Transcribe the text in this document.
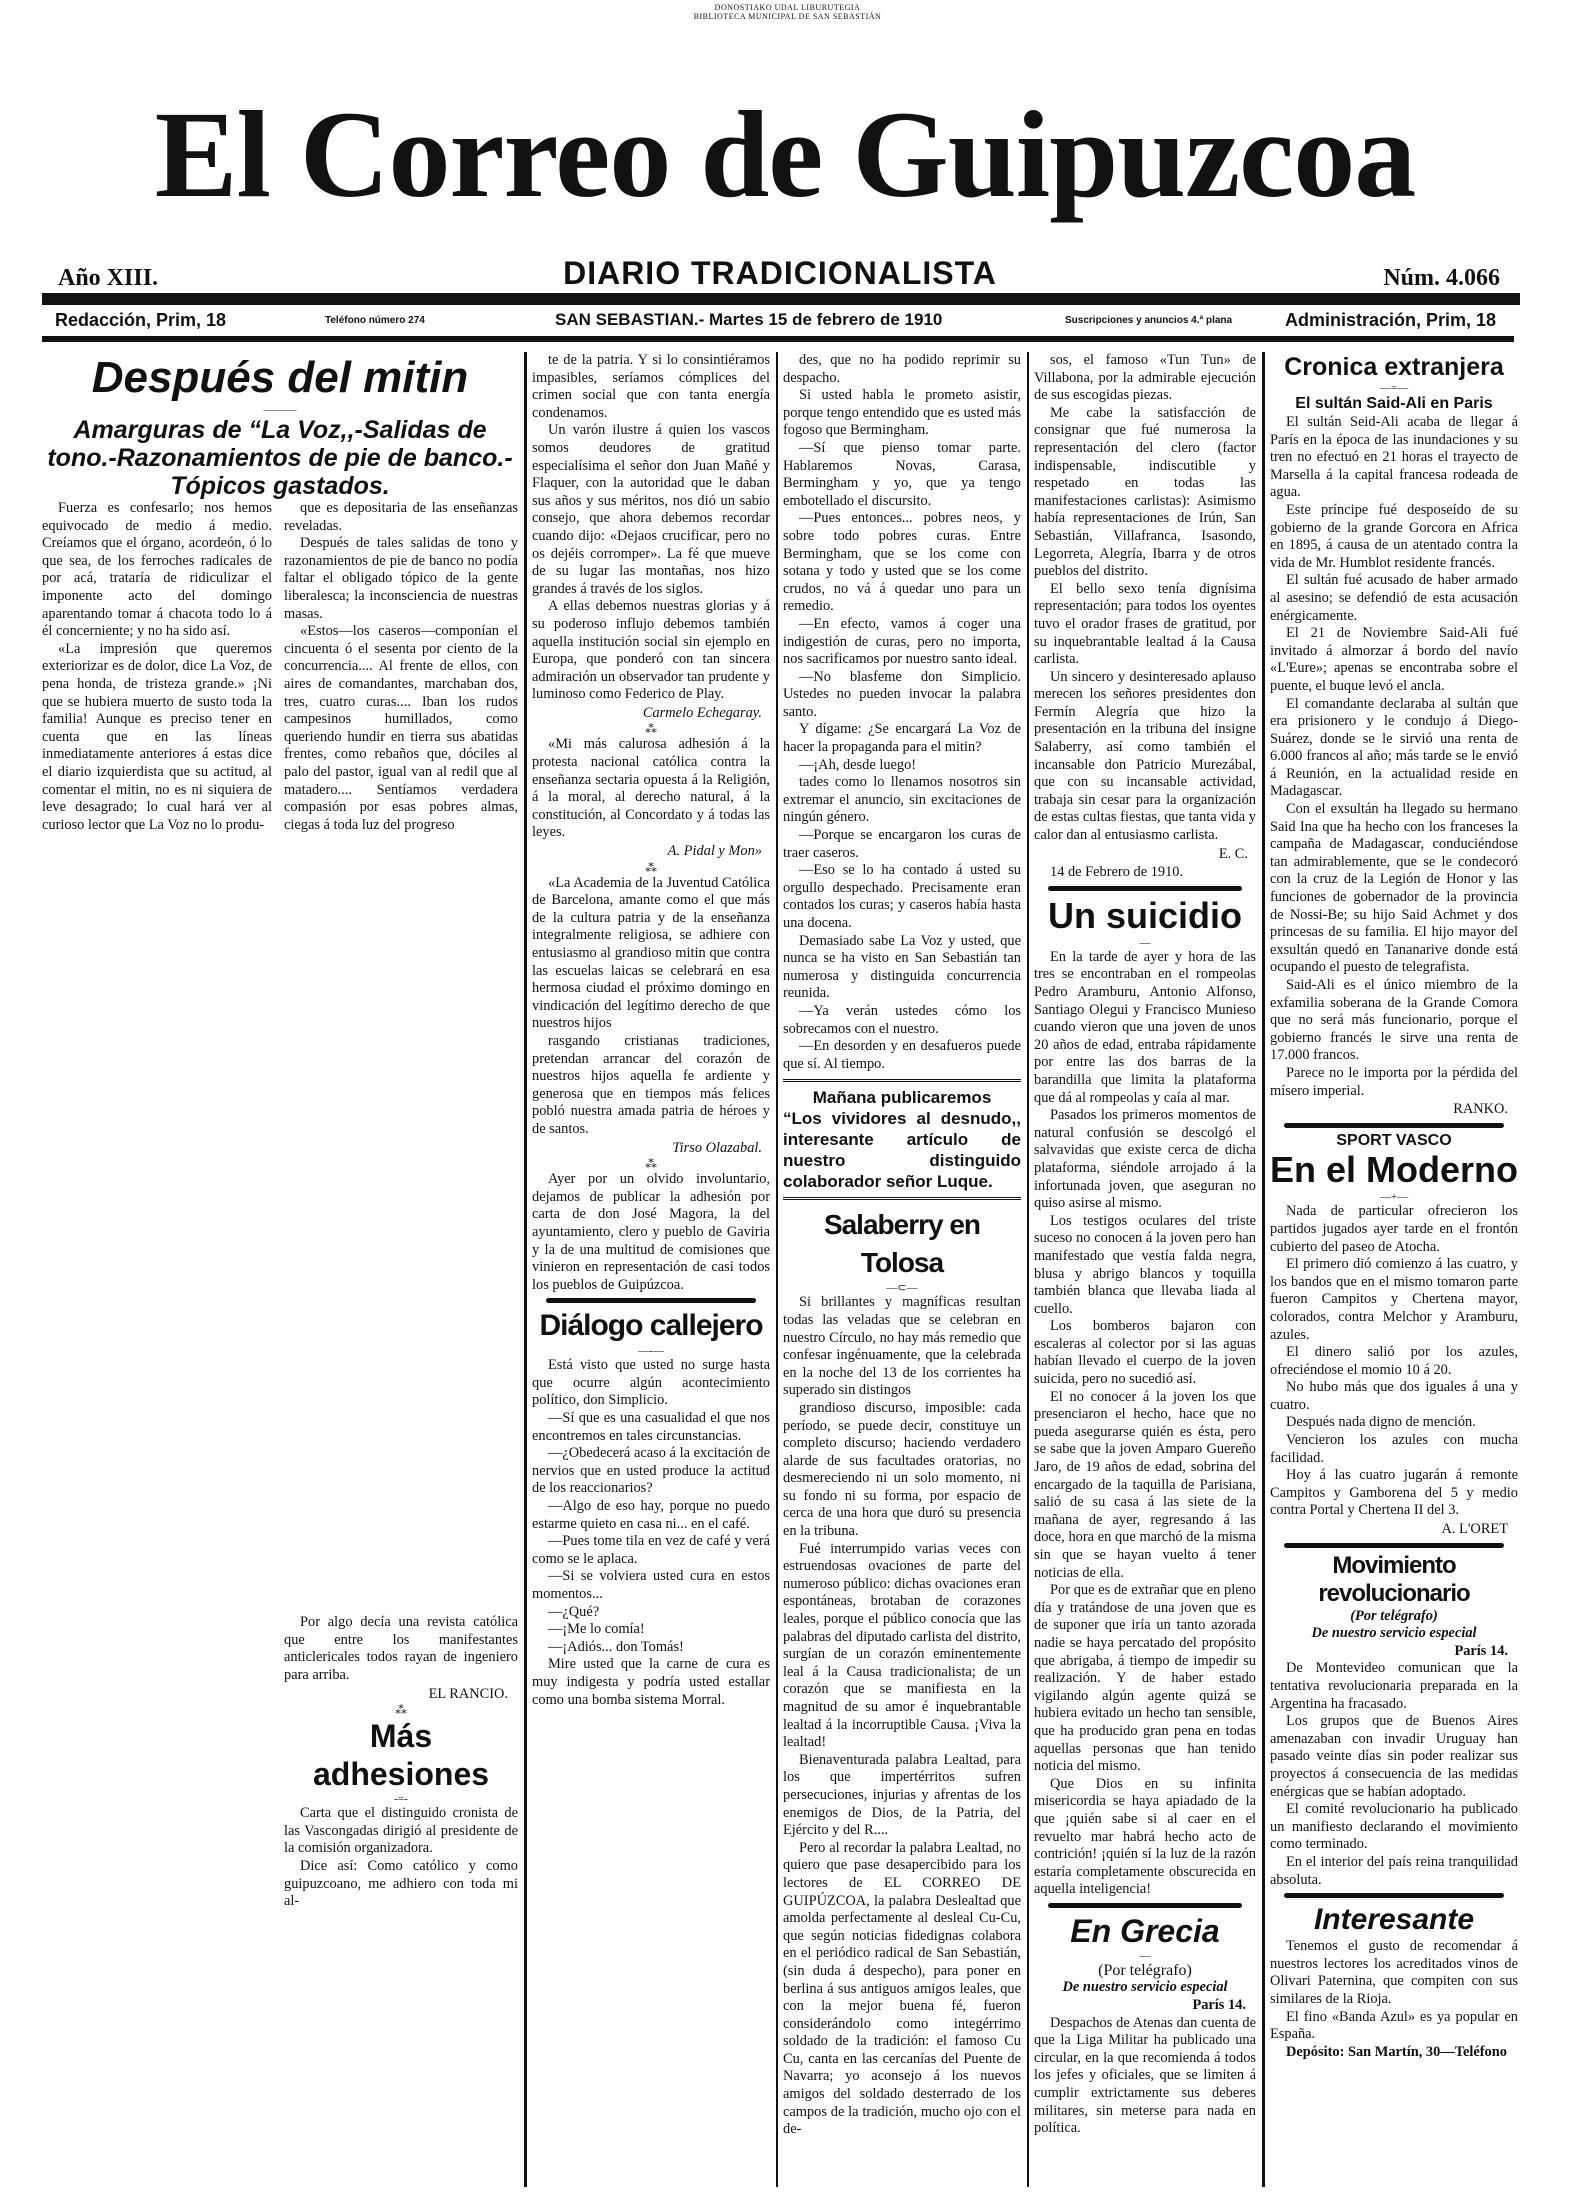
DONOSTIAKO UDAL LIBURUTEGIA
BIBLIOTECA MUNICIPAL DE SAN SEBASTIÁN
El Correo de Guipuzcoa
Año XIII.	DIARIO TRADICIONALISTA	Núm. 4.066
Redacción, Prim, 18	Teléfono número 274	SAN SEBASTIAN.- Martes 15 de febrero de 1910	Suscripciones y anuncios 4.ª plana	Administración, Prim, 18
Después del mitin
———
Amarguras de “La Voz,,-Salidas de tono.-Razonamientos de pie de banco.-Tópicos gastados.

Fuerza es confesarlo; nos hemos equivocado de medio á medio. Creíamos que el órgano, acordeón, ó lo que sea, de los ferroches radicales de por acá, trataría de ridiculizar el imponente acto del domingo aparentando tomar á chacota todo lo á él concerniente; y no ha sido así.

«La impresión que queremos exteriorizar es de dolor, dice La Voz, de pena honda, de tristeza grande.» ¡Ni que se hubiera muerto de susto toda la familia! Aunque es preciso tener en cuenta que en las líneas inmediatamente anteriores á estas dice el diario izquierdista que su actitud, al comentar el mitin, no es ni siquiera de leve desagrado; lo cual hará ver al curioso lector que La Voz no lo produ-

que es depositaria de las enseñanzas reveladas.

Después de tales salidas de tono y razonamientos de pie de banco no podía faltar el obligado tópico de la gente liberalesca; la inconsciencia de nuestras masas.

«Estos—los caseros—componían el cincuenta ó el sesenta por ciento de la concurrencia.... Al frente de ellos, con aires de comandantes, marchaban dos, tres, cuatro curas.... Iban los rudos campesinos humillados, como queriendo hundir en tierra sus abatidas frentes, como rebaños que, dóciles al palo del pastor, igual van al redil que al matadero.... Sentíamos verdadera compasión por esas pobres almas, ciegas á toda luz del progreso

Por algo decía una revista católica que entre los manifestantes anticlericales todos rayan de ingeniero para arriba.

EL RANCIO.
⁂
Más adhesiones
-=-

Carta que el distinguido cronista de las Vascongadas dirigió al presidente de la comisión organizadora.

Dice así: Como católico y como guipuzcoano, me adhiero con toda mi al-

te de la patria. Y si lo consintiéramos impasibles, seríamos cómplices del crimen social que con tanta energía condenamos.

Un varón ilustre á quien los vascos somos deudores de gratitud especialísima el señor don Juan Mañé y Flaquer, con la autoridad que le daban sus años y sus méritos, nos dió un sabio consejo, que ahora debemos recordar cuando dijo: «Dejaos crucificar, pero no os dejéis corromper». La fé que mueve de su lugar las montañas, nos hizo grandes á través de los siglos.

A ellas debemos nuestras glorias y á su poderoso influjo debemos también aquella institución social sin ejemplo en Europa, que ponderó con tan sincera admiración un observador tan prudente y luminoso como Federico de Play.

Carmelo Echegaray.
⁂

«Mi más calurosa adhesión á la protesta nacional católica contra la enseñanza sectaria opuesta á la Religión, á la moral, al derecho natural, á la constitución, al Concordato y á todas las leyes.

A. Pidal y Mon»
⁂

«La Academia de la Juventud Católica de Barcelona, amante como el que más de la cultura patria y de la enseñanza integralmente religiosa, se adhiere con entusiasmo al grandioso mitin que contra las escuelas laicas se celebrará en esa hermosa ciudad el próximo domingo en vindicación del legítimo derecho de que nuestros hijos

rasgando cristianas tradiciones, pretendan arrancar del corazón de nuestros hijos aquella fe ardiente y generosa que en tiempos más felices pobló nuestra amada patria de héroes y de santos.

Tirso Olazabal.
⁂

Ayer por un olvido involuntario, dejamos de publicar la adhesión por carta de don José Magora, la del ayuntamiento, clero y pueblo de Gaviria y la de una multitud de comisiones que vinieron en representación de casi todos los pueblos de Guipúzcoa.

Diálogo callejero
—-—

Está visto que usted no surge hasta que ocurre algún acontecimiento político, don Simplicio.

—Sí que es una casualidad el que nos encontremos en tales circunstancias.

—¿Obedecerá acaso á la excitación de nervios que en usted produce la actitud de los reaccionarios?

—Algo de eso hay, porque no puedo estarme quieto en casa ni... en el café.

—Pues tome tila en vez de café y verá como se le aplaca.

—Si se volviera usted cura en estos momentos...

—¿Qué?

—¡Me lo comía!

—¡Adiós... don Tomás!

Mire usted que la carne de cura es muy indigesta y podría usted estallar como una bomba sistema Morral.

des, que no ha podido reprimir su despacho.

Si usted habla le prometo asistir, porque tengo entendido que es usted más fogoso que Bermingham.

—Sí que pienso tomar parte. Hablaremos Novas, Carasa, Bermingham y yo, que ya tengo embotellado el discursito.

—Pues entonces... pobres neos, y sobre todo pobres curas. Entre Bermingham, que se los come con sotana y todo y usted que se los come crudos, no vá á quedar uno para un remedio.

—En efecto, vamos á coger una indigestión de curas, pero no importa, nos sacrificamos por nuestro santo ideal.

—No blasfeme don Simplicio. Ustedes no pueden invocar la palabra santo.

Y dígame: ¿Se encargará La Voz de hacer la propaganda para el mitin?

—¡Ah, desde luego!

tades como lo llenamos nosotros sin extremar el anuncio, sin excitaciones de ningún género.

—Porque se encargaron los curas de traer caseros.

—Eso se lo ha contado á usted su orgullo despechado. Precisamente eran contados los curas; y caseros había hasta una docena.

Demasiado sabe La Voz y usted, que nunca se ha visto en San Sebastián tan numerosa y distinguida concurrencia reunida.

—Ya verán ustedes cómo los sobrecamos con el nuestro.

—En desorden y en desafueros puede que sí. Al tiempo.

Mañana publicaremos
“Los vividores al desnudo,, interesante artículo de nuestro distinguido colaborador señor Luque.
Salaberry en Tolosa
—⊂—

Si brillantes y magníficas resultan todas las veladas que se celebran en nuestro Círculo, no hay más remedio que confesar ingénuamente, que la celebrada en la noche del 13 de los corrientes ha superado sin distingos

grandioso discurso, imposible: cada período, se puede decir, constituye un completo discurso; haciendo verdadero alarde de sus facultades oratorias, no desmereciendo ni un solo momento, ni su fondo ni su forma, por espacio de cerca de una hora que duró su presencia en la tribuna.

Fué interrumpido varias veces con estruendosas ovaciones de parte del numeroso público: dichas ovaciones eran espontáneas, brotaban de corazones leales, porque el público conocía que las palabras del diputado carlista del distrito, surgían de un corazón eminentemente leal á la Causa tradicionalista; de un corazón que se manifiesta en la magnitud de su amor é inquebrantable lealtad á la incorruptible Causa. ¡Viva la lealtad!

Bienaventurada palabra Lealtad, para los que impertérritos sufren persecuciones, injurias y afrentas de los enemigos de Dios, de la Patria, del Ejército y del R....

Pero al recordar la palabra Lealtad, no quiero que pase desapercibido para los lectores de EL CORREO DE GUIPÚZCOA, la palabra Deslealtad que amolda perfectamente al desleal Cu-Cu, que según noticias fidedignas colabora en el periódico radical de San Sebastián, (sin duda á despecho), para poner en berlina á sus antiguos amigos leales, que con la mejor buena fé, fueron considerándolo como integérrimo soldado de la tradición: el famoso Cu Cu, canta en las cercanías del Puente de Navarra; yo aconsejo á los nuevos amigos del soldado desterrado de los campos de la tradición, mucho ojo con el de-

sos, el famoso «Tun Tun» de Villabona, por la admirable ejecución de sus escogidas piezas.

Me cabe la satisfacción de consignar que fué numerosa la representación del clero (factor indispensable, indiscutible y respetado en todas las manifestaciones carlistas): Asimismo había representaciones de Irún, San Sebastián, Villafranca, Isasondo, Legorreta, Alegría, Ibarra y de otros pueblos del distrito.

El bello sexo tenía dignísima representación; para todos los oyentes tuvo el orador frases de gratitud, por su inquebrantable lealtad á la Causa carlista.

Un sincero y desinteresado aplauso merecen los señores presidentes don Fermín Alegría que hizo la presentación en la tribuna del insigne Salaberry, así como también el incansable don Patricio Murezábal, que con su incansable actividad, trabaja sin cesar para la organización de estas cultas fiestas, que tanta vida y calor dan al entusiasmo carlista.

E. C.
14 de Febrero de 1910.
Un suicidio
—

En la tarde de ayer y hora de las tres se encontraban en el rompeolas Pedro Aramburu, Antonio Alfonso, Santiago Olegui y Francisco Munieso cuando vieron que una joven de unos 20 años de edad, entraba rápidamente por entre las dos barras de la barandilla que limita la plataforma que dá al rompeolas y caía al mar.

Pasados los primeros momentos de natural confusión se descolgó el salvavidas que existe cerca de dicha plataforma, siéndole arrojado á la infortunada joven, que aseguran no quiso asirse al mismo.

Los testigos oculares del triste suceso no conocen á la joven pero han manifestado que vestía falda negra, blusa y abrigo blancos y toquilla también blanca que llevaba liada al cuello.

Los bomberos bajaron con escaleras al colector por si las aguas habían llevado el cuerpo de la joven suicida, pero no sucedió así.

El no conocer á la joven los que presenciaron el hecho, hace que no pueda asegurarse quién es ésta, pero se sabe que la joven Amparo Guereño Jaro, de 19 años de edad, sobrina del encargado de la taquilla de Parisiana, salió de su casa á las siete de la mañana de ayer, regresando á las doce, hora en que marchó de la misma sin que se hayan vuelto á tener noticias de ella.

Por que es de extrañar que en pleno día y tratándose de una joven que es de suponer que iría un tanto azorada nadie se haya percatado del propósito que abrigaba, á tiempo de impedir su realización. Y de haber estado vigilando algún agente quizá se hubiera evitado un hecho tan sensible, que ha producido gran pena en todas aquellas personas que han tenido noticia del mismo.

Que Dios en su infinita misericordia se haya apiadado de la que ¡quién sabe si al caer en el revuelto mar habrá hecho acto de contrición! ¡quién sí la luz de la razón estaría completamente obscurecida en aquella inteligencia!

En Grecia
—
(Por telégrafo)
De nuestro servicio especial
París 14.

Despachos de Atenas dan cuenta de que la Liga Militar ha publicado una circular, en la que recomienda á todos los jefes y oficiales, que se limiten á cumplir extrictamente sus deberes militares, sin meterse para nada en política.

Cronica extranjera
—=—
El sultán Said-Ali en Paris

El sultán Seid-Ali acaba de llegar á París en la época de las inundaciones y su tren no efectuó en 21 horas el trayecto de Marsella á la capital francesa rodeada de agua.

Este príncipe fué desposeído de su gobierno de la grande Gorcora en Africa en 1895, á causa de un atentado contra la vida de Mr. Humblot residente francés.

El sultán fué acusado de haber armado al asesino; se defendió de esta acusación enérgicamente.

El 21 de Noviembre Said-Ali fué invitado á almorzar á bordo del navío «L'Eure»; apenas se encontraba sobre el puente, el buque levó el ancla.

El comandante declaraba al sultán que era prisionero y le condujo á Diego-Suárez, donde se le sirvió una renta de 6.000 francos al año; más tarde se le envió á Reunión, en la actualidad reside en Madagascar.

Con el exsultán ha llegado su hermano Said Ina que ha hecho con los franceses la campaña de Madagascar, conduciéndose tan admirablemente, que se le condecoró con la cruz de la Legión de Honor y las funciones de gobernador de la provincia de Nossi-Be; su hijo Said Achmet y dos princesas de su familia. El hijo mayor del exsultán quedó en Tananarive donde está ocupando el puesto de telegrafista.

Said-Ali es el único miembro de la exfamilia soberana de la Grande Comora que no será más funcionario, porque el gobierno francés le sirve una renta de 17.000 francos.

Parece no le importa por la pérdida del mísero imperial.

RANKO.
SPORT VASCO
En el Moderno
—+—

Nada de particular ofrecieron los partidos jugados ayer tarde en el frontón cubierto del paseo de Atocha.

El primero dió comienzo á las cuatro, y los bandos que en el mismo tomaron parte fueron Campitos y Chertena mayor, colorados, contra Melchor y Aramburu, azules.

El dinero salió por los azules, ofreciéndose el momio 10 á 20.

No hubo más que dos iguales á una y cuatro.

Después nada digno de mención.

Vencieron los azules con mucha facilidad.

Hoy á las cuatro jugarán á remonte Campitos y Gamborena del 5 y medio contra Portal y Chertena II del 3.

A. L'ORET
Movimiento revolucionario
(Por telégrafo)
De nuestro servicio especial
París 14.

De Montevideo comunican que la tentativa revolucionaria preparada en la Argentina ha fracasado.

Los grupos que de Buenos Aires amenazaban con invadir Uruguay han pasado veinte días sin poder realizar sus proyectos á consecuencia de las medidas enérgicas que se habían adoptado.

El comité revolucionario ha publicado un manifiesto declarando el movimiento como terminado.

En el interior del país reina tranquilidad absoluta.

Interesante

Tenemos el gusto de recomendar á nuestros lectores los acreditados vinos de Olivari Paternina, que compiten con sus similares de la Rioja.

El fino «Banda Azul» es ya popular en España.

Depósito: San Martín, 30—Teléfono
